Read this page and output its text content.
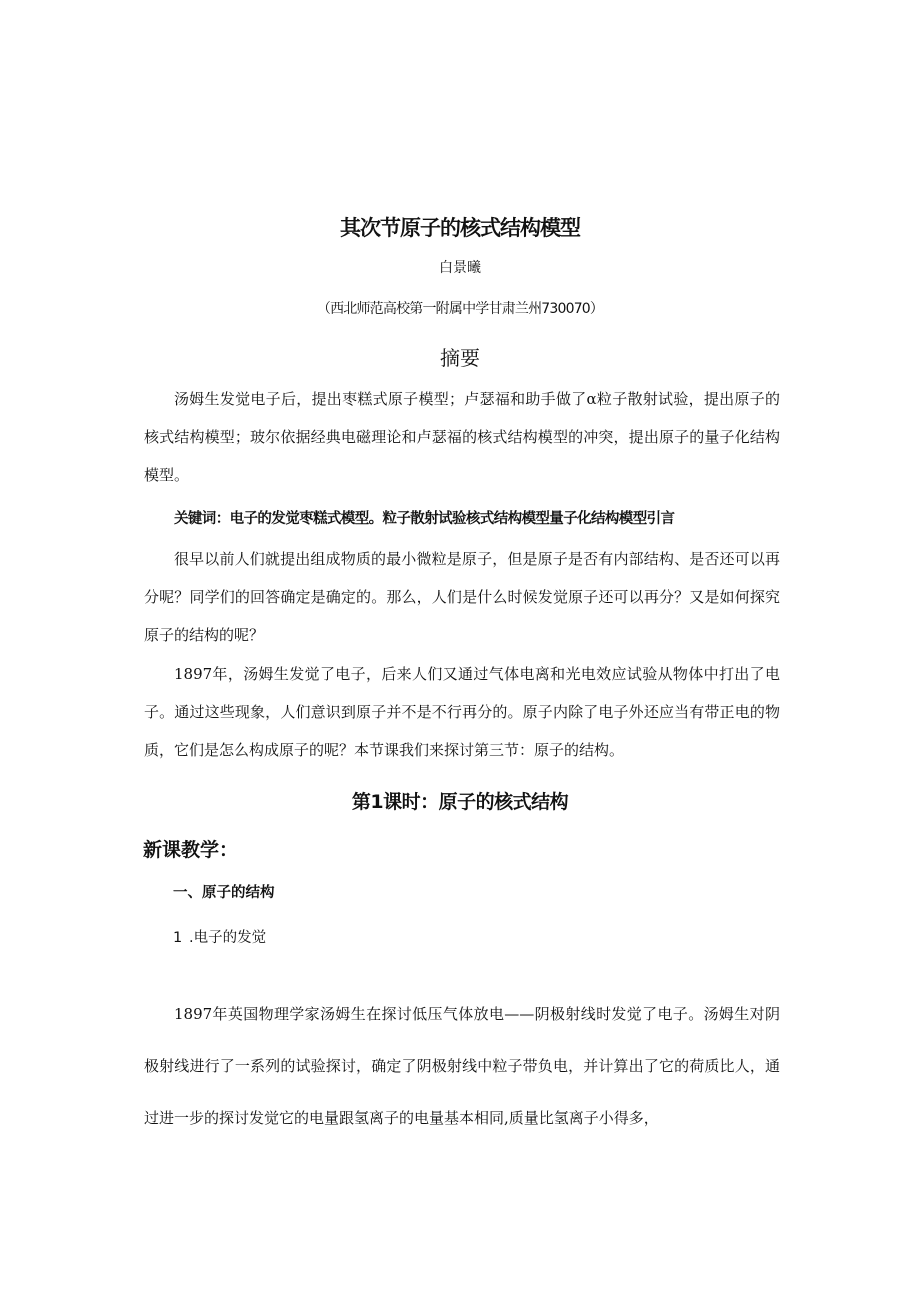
其次节原子的核式结构模型
白景曦
（西北师范高校第一附属中学甘肃兰州730070）
摘要

汤姆生发觉电子后，提出枣糕式原子模型；卢瑟福和助手做了α粒子散射试验，提出原子的核式结构模型；玻尔依据经典电磁理论和卢瑟福的核式结构模型的冲突，提出原子的量子化结构模型。

关键词：电子的发觉枣糕式模型。粒子散射试验核式结构模型量子化结构模型引言

很早以前人们就提出组成物质的最小微粒是原子，但是原子是否有内部结构、是否还可以再分呢？同学们的回答确定是确定的。那么，人们是什么时候发觉原子还可以再分？又是如何探究原子的结构的呢？

1897年，汤姆生发觉了电子，后来人们又通过气体电离和光电效应试验从物体中打出了电子。通过这些现象，人们意识到原子并不是不行再分的。原子内除了电子外还应当有带正电的物质，它们是怎么构成原子的呢？本节课我们来探讨第三节：原子的结构。

第1课时：原子的核式结构
新课教学：
一、原子的结构
1 .电子的发觉

1897年英国物理学家汤姆生在探讨低压气体放电——阴极射线时发觉了电子。汤姆生对阴极射线进行了一系列的试验探讨，确定了阴极射线中粒子带负电，并计算出了它的荷质比人，通过进一步的探讨发觉它的电量跟氢离子的电量基本相同,质量比氢离子小得多，
